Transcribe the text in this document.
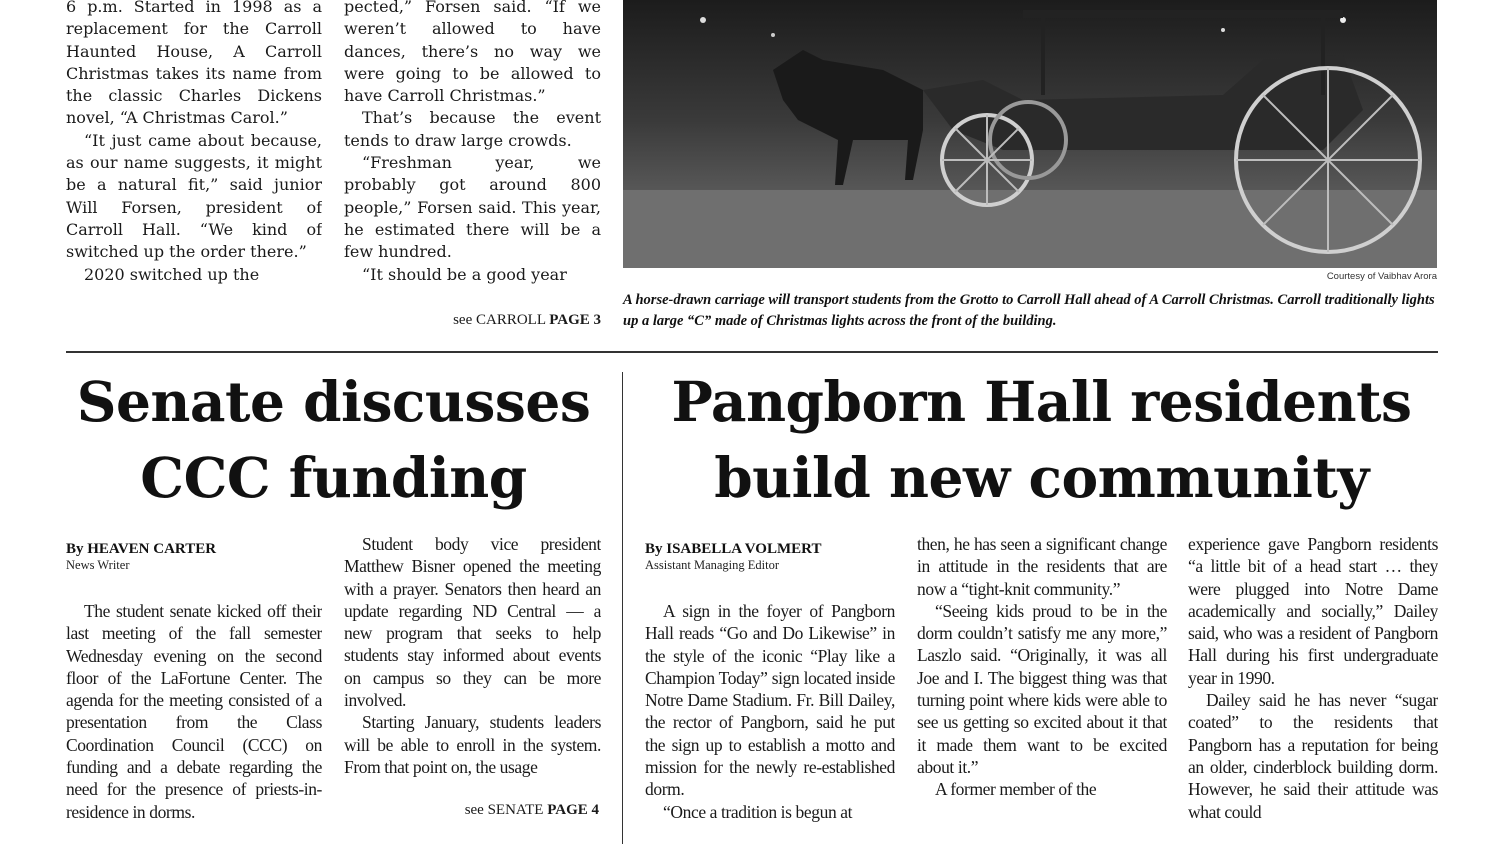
6 p.m. Started in 1998 as a replacement for the Carroll Haunted House, A Carroll Christmas takes its name from the classic Charles Dickens novel, “A Christmas Carol.”

“It just came about because, as our name suggests, it might be a natural fit,” said junior Will Forsen, president of Carroll Hall. “We kind of switched up the order there.”

2020 switched up the

pected,” Forsen said. “If we weren’t allowed to have dances, there’s no way we were going to be allowed to have Carroll Christmas.”

That’s because the event tends to draw large crowds.

“Freshman year, we probably got around 800 people,” Forsen said. This year, he estimated there will be a few hundred.

“It should be a good year

see CARROLL PAGE 3
Courtesy of Vaibhav Arora
A horse-drawn carriage will transport students from the Grotto to Carroll Hall ahead of A Carroll Christmas. Carroll traditionally lights up a large “C” made of Christmas lights across the front of the building.
Senate discusses
CCC funding
By HEAVEN CARTER
News Writer

The student senate kicked off their last meeting of the fall semester Wednesday evening on the second floor of the LaFortune Center. The agenda for the meeting consisted of a presentation from the Class Coordination Council (CCC) on funding and a debate regarding the need for the presence of priests-in-residence in dorms.

Student body vice president Matthew Bisner opened the meeting with a prayer. Senators then heard an update regarding ND Central — a new program that seeks to help students stay informed about events on campus so they can be more involved.

Starting January, students leaders will be able to enroll in the system. From that point on, the usage

see SENATE PAGE 4
Pangborn Hall residents
build new community
By ISABELLA VOLMERT
Assistant Managing Editor

A sign in the foyer of Pangborn Hall reads “Go and Do Likewise” in the style of the iconic “Play like a Champion Today” sign located inside Notre Dame Stadium. Fr. Bill Dailey, the rector of Pangborn, said he put the sign up to establish a motto and mission for the newly re-established dorm.

“Once a tradition is begun at

then, he has seen a significant change in attitude in the residents that are now a “tight-knit community.”

“Seeing kids proud to be in the dorm couldn’t satisfy me any more,” Laszlo said. “Originally, it was all Joe and I. The biggest thing was that turning point where kids were able to see us getting so excited about it that it made them want to be excited about it.”

A former member of the

experience gave Pangborn residents “a little bit of a head start … they were plugged into Notre Dame academically and socially,” Dailey said, who was a resident of Pangborn Hall during his first undergraduate year in 1990.

Dailey said he has never “sugar coated” to the residents that Pangborn has a reputation for being an older, cinderblock building dorm. However, he said their attitude was what could
